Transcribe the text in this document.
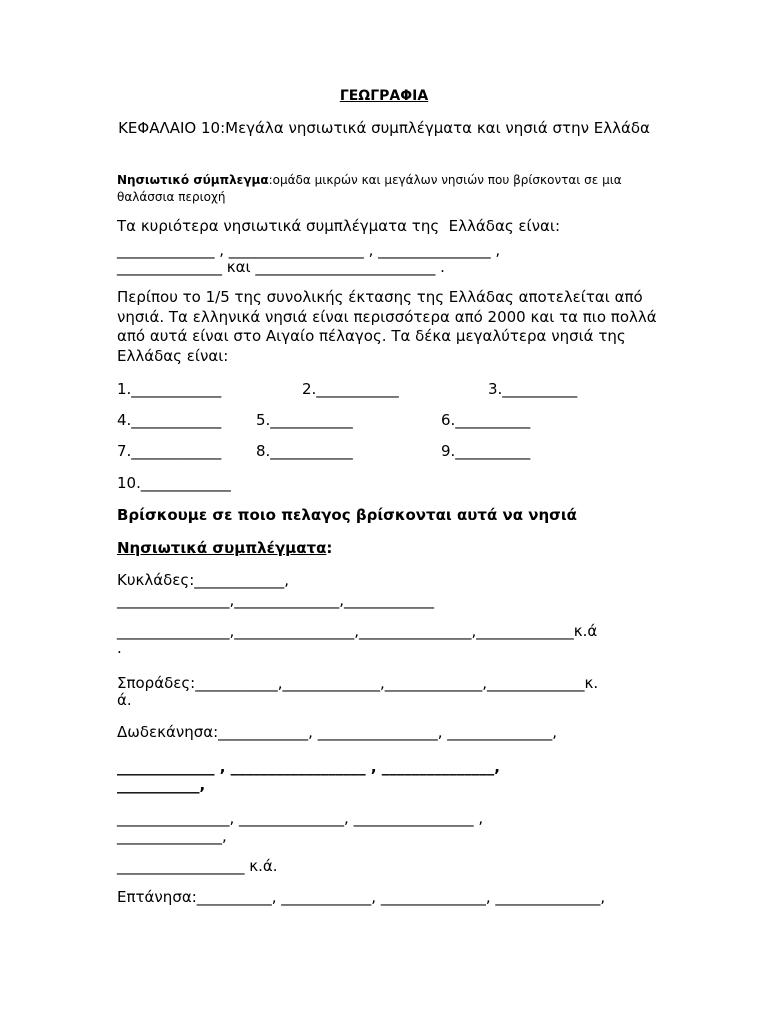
ΓΕΩΓΡΑΦΙΑ
ΚΕΦΑΛΑΙΟ 10:Μεγάλα νησιωτικά συμπλέγματα και νησιά στην Ελλάδα
Νησιωτικό σύμπλεγμα:ομάδα μικρών και μεγάλων νησιών που βρίσκονται σε μια θαλάσσια περιοχή
Τα κυριότερα νησιωτικά συμπλέγματα της  Ελλάδας είναι:
_____________ , __________________ , _______________ ,
______________ και ________________________ .
Περίπου το 1/5 της συνολικής έκτασης της Ελλάδας αποτελείται από νησιά. Τα ελληνικά νησιά είναι περισσότερα από 2000 και τα πιο πολλά από αυτά είναι στο Αιγαίο πέλαγος. Τα δέκα μεγαλύτερα νησιά της Ελλάδας είναι:
1.____________	2.___________	3.__________
4.____________ 5.___________	6.__________
7.____________ 8.___________	9.__________
10.____________
Βρίσκουμε σε ποιο πελαγος βρίσκονται αυτά να νησιά
Νησιωτικά συμπλέγματα:
Κυκλάδες:____________,
_______________,______________,____________
_______________,________________,_______________,_____________κ.ά
.
Σποράδες:___________,_____________,_____________,_____________κ.
ά.
Δωδεκάνησα:____________, ________________, ______________,
_____________ , __________________ , _______________,
___________,
_______________, ______________, ________________ ,
______________,
_________________ κ.ά.
Επτάνησα:__________, ____________, ______________, ______________,
